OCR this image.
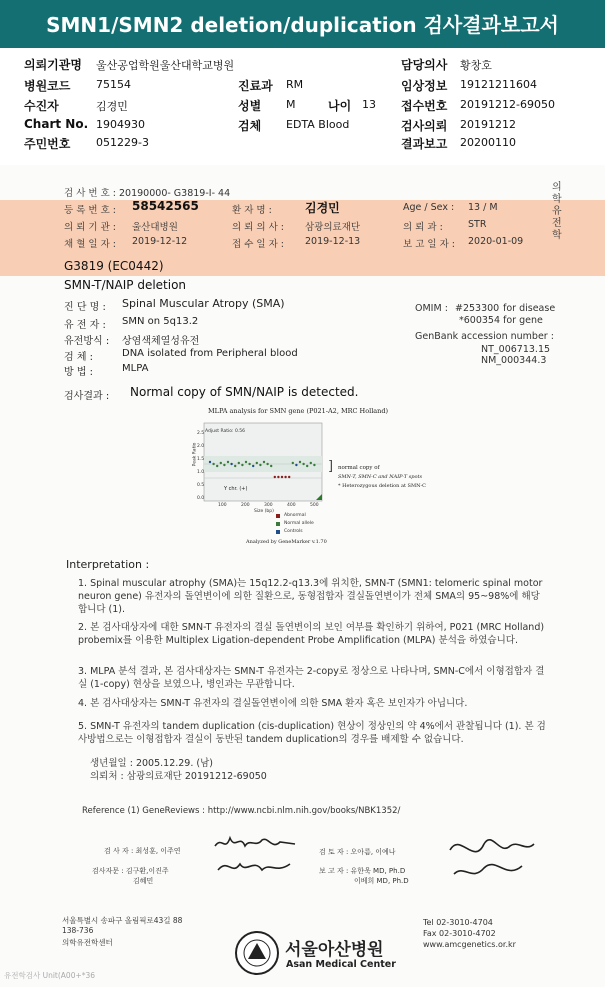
SMN1/SMN2 deletion/duplication 검사결과보고서
의뢰기관명 울산공업학원울산대학교병원	담당의사 황창호
병원코드 75154	진료과 RM	임상정보 19121211604
수진자	김경민	성별 M	나이 13 접수번호 20191212-69050
Chart No. 1904930	검체 EDTA Blood	검사의뢰 20191212
주민번호 051229-3	결과보고 20200110
검 사 번 호 : 20190000- G3819-I- 44
의학유전학
등 록 번 호 : 58542565	환 자 명 :	김경민	Age / Sex : 13 / M
의 뢰 기 관 : 울산대병원	의 뢰 의 사 : 삼광의료재단	의 뢰 과 :	STR
채 혈 일 자 : 2019-12-12	접 수 일 자 : 2019-12-13	보 고 일 자 : 2020-01-09
G3819 (EC0442)
SMN-T/NAIP deletion
진 단 명 : Spinal Muscular Atropy (SMA)
유 전 자 : SMN on 5q13.2
유전방식 : 상염색체열성유전
검 체 :	DNA isolated from Peripheral blood
방 법 :	MLPA
OMIM : #253300 for disease
*600354 for gene
GenBank accession number :
NT_006713.15
NM_000344.3
검사결과 : Normal copy of SMN/NAIP is detected.
MLPA analysis for SMN gene (P021-A2, MRC Holland)
Adjust Ratio: 0.56
Peak Ratio
2.5
2.0
1.5
1.0
0.5
0.0
100	200	300	400	500
Size (bp)
Y chr. (+)
] normal copy of
SMN-T, SMN-C and NAIP-T spots
* Heterozygous deletion at SMN-C
Abnormal
Normal allele
Controls
Analyzed by GeneMarker v.1.70
Interpretation :

1. Spinal muscular atrophy (SMA)는 15q12.2-q13.3에 위치한, SMN-T (SMN1: telomeric spinal motor neuron gene) 유전자의 돌연변이에 의한 질환으로, 동형접합자 결실돌연변이가 전체 SMA의 95~98%에 해당합니다 (1).

2. 본 검사대상자에 대한 SMN-T 유전자의 결실 돌연변이의 보인 여부를 확인하기 위하여, P021 (MRC Holland) probemix를 이용한 Multiplex Ligation-dependent Probe Amplification (MLPA) 분석을 하였습니다.

3. MLPA 분석 결과, 본 검사대상자는 SMN-T 유전자는 2-copy로 정상으로 나타나며, SMN-C에서 이형접합자 결실 (1-copy) 현상을 보였으나, 병인과는 무관합니다.

4. 본 검사대상자는 SMN-T 유전자의 결실돌연변이에 의한 SMA 환자 혹은 보인자가 아닙니다.

5. SMN-T 유전자의 tandem duplication (cis-duplication) 현상이 정상인의 약 4%에서 관찰됩니다 (1). 본 검사방법으로는 이형접합자 결실이 동반된 tandem duplication의 경우를 배제할 수 없습니다.

생년월일 : 2005.12.29. (남)
의뢰처 : 삼광의료재단 20191212-69050
Reference (1) GeneReviews : http://www.ncbi.nlm.nih.gov/books/NBK1352/
검 사 자 : 최성훈, 이주연	검 토 자 : 오아름, 이예나
검사자문 : 김구환,이진주
김혜민
보 고 자 : 유한욱 MD, Ph.D
이베희 MD, Ph.D
서울특별시 송파구 올림픽로43길 88
138-736
의학유전학센터	서울아산병원
Asan Medical Center
Tel 02-3010-4704
Fax 02-3010-4702
www.amcgenetics.or.kr
유전학검사 Unit(A00+*36
